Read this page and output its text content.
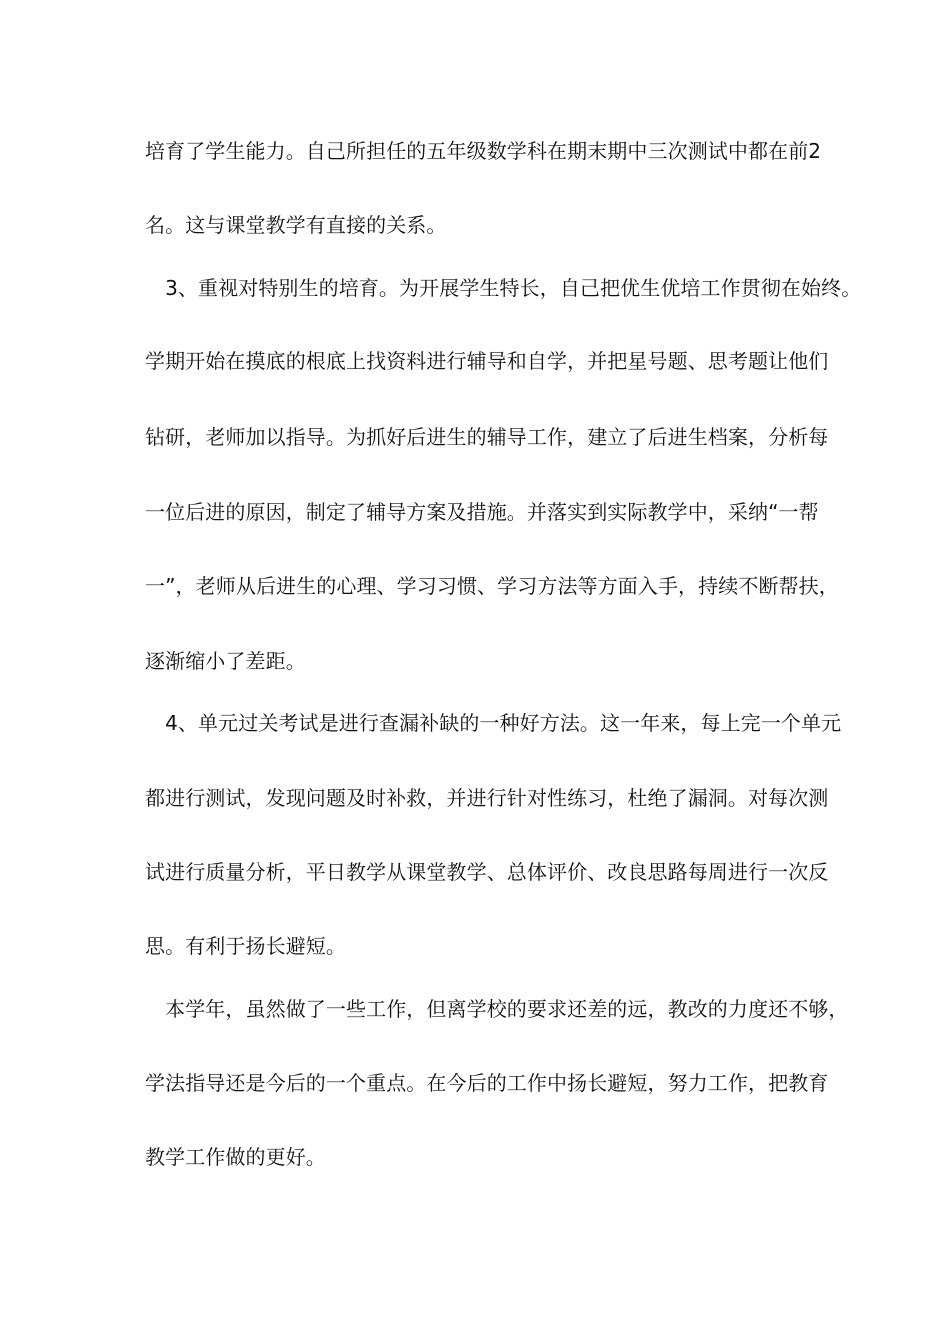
培育了学生能力。自己所担任的五年级数学科在期末期中三次测试中都在前2
名。这与课堂教学有直接的关系。
　3、重视对特别生的培育。为开展学生特长，自己把优生优培工作贯彻在始终。
学期开始在摸底的根底上找资料进行辅导和自学，并把星号题、思考题让他们
钻研，老师加以指导。为抓好后进生的辅导工作，建立了后进生档案，分析每
一位后进的原因，制定了辅导方案及措施。并落实到实际教学中，采纳“一帮
一”，老师从后进生的心理、学习习惯、学习方法等方面入手，持续不断帮扶，
逐渐缩小了差距。
　4、单元过关考试是进行查漏补缺的一种好方法。这一年来，每上完一个单元
都进行测试，发现问题及时补救，并进行针对性练习，杜绝了漏洞。对每次测
试进行质量分析，平日教学从课堂教学、总体评价、改良思路每周进行一次反
思。有利于扬长避短。
　本学年，虽然做了一些工作，但离学校的要求还差的远，教改的力度还不够，
学法指导还是今后的一个重点。在今后的工作中扬长避短，努力工作，把教育
教学工作做的更好。
